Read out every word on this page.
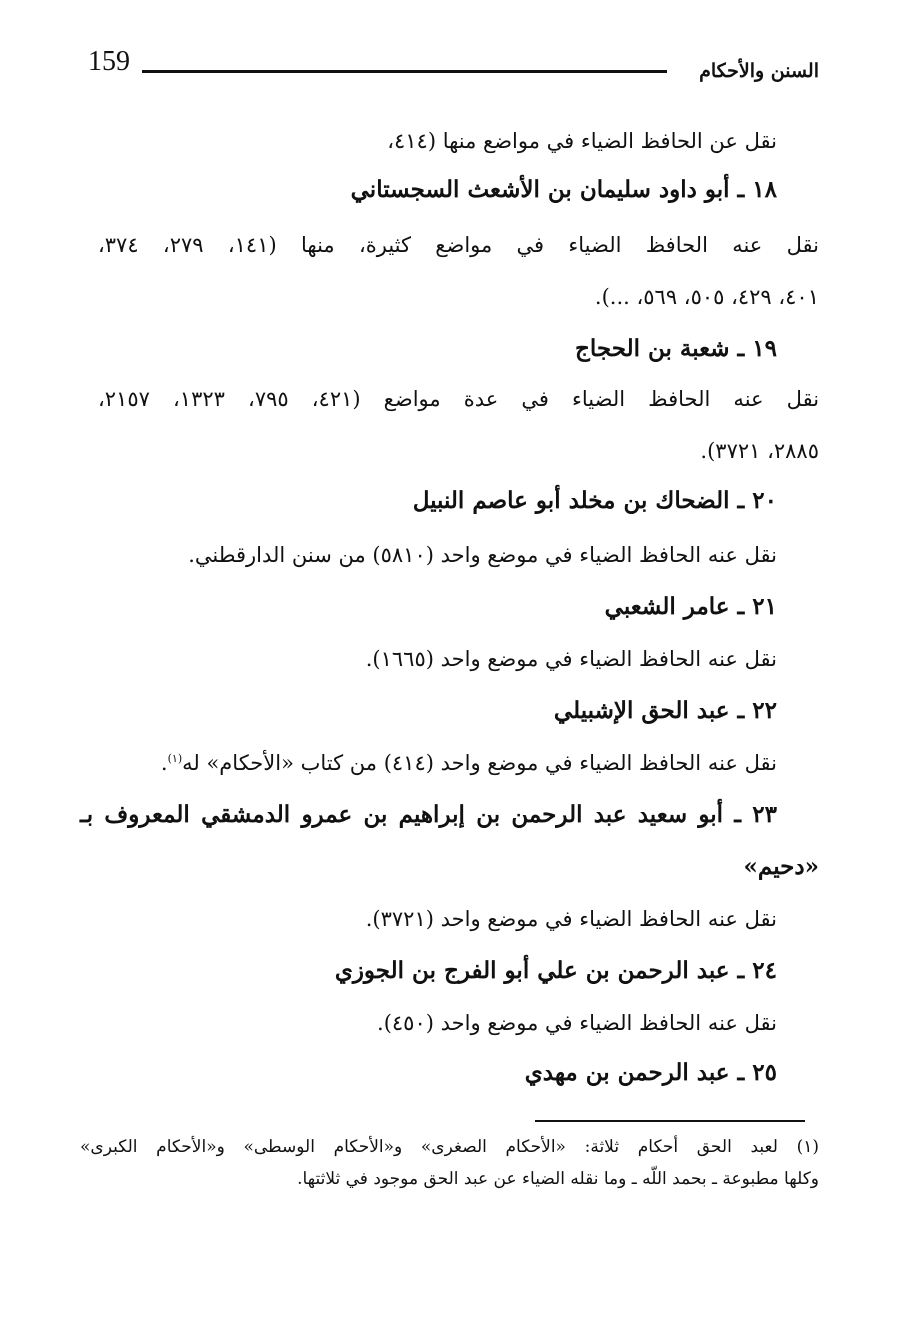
159	السنن والأحكام
نقل عن الحافظ الضياء في مواضع منها (٤١٤،
١٨ ـ أبو داود سليمان بن الأشعث السجستاني
نقل عنه الحافظ الضياء في مواضع كثيرة، منها (١٤١، ٢٧٩، ٣٧٤،
٤٠١، ٤٢٩، ٥٠٥، ٥٦٩، ...).
١٩ ـ شعبة بن الحجاج
نقل عنه الحافظ الضياء في عدة مواضع (٤٢١، ٧٩٥، ١٣٢٣، ٢١٥٧،
٢٨٨٥، ٣٧٢١).
٢٠ ـ الضحاك بن مخلد أبو عاصم النبيل
نقل عنه الحافظ الضياء في موضع واحد (٥٨١٠) من سنن الدارقطني.
٢١ ـ عامر الشعبي
نقل عنه الحافظ الضياء في موضع واحد (١٦٦٥).
٢٢ ـ عبد الحق الإشبيلي
نقل عنه الحافظ الضياء في موضع واحد (٤١٤) من كتاب «الأحكام» له$^{(١)}$.
٢٣ ـ أبو سعيد عبد الرحمن بن إبراهيم بن عمرو الدمشقي المعروف بـ
«دحيم»
نقل عنه الحافظ الضياء في موضع واحد (٣٧٢١).
٢٤ ـ عبد الرحمن بن علي أبو الفرج بن الجوزي
نقل عنه الحافظ الضياء في موضع واحد (٤٥٠).
٢٥ ـ عبد الرحمن بن مهدي
(١) لعبد الحق أحكام ثلاثة: «الأحكام الصغرى» و«الأحكام الوسطى» و«الأحكام الكبرى»
وكلها مطبوعة ـ بحمد اللّه ـ وما نقله الضياء عن عبد الحق موجود في ثلاثتها.
